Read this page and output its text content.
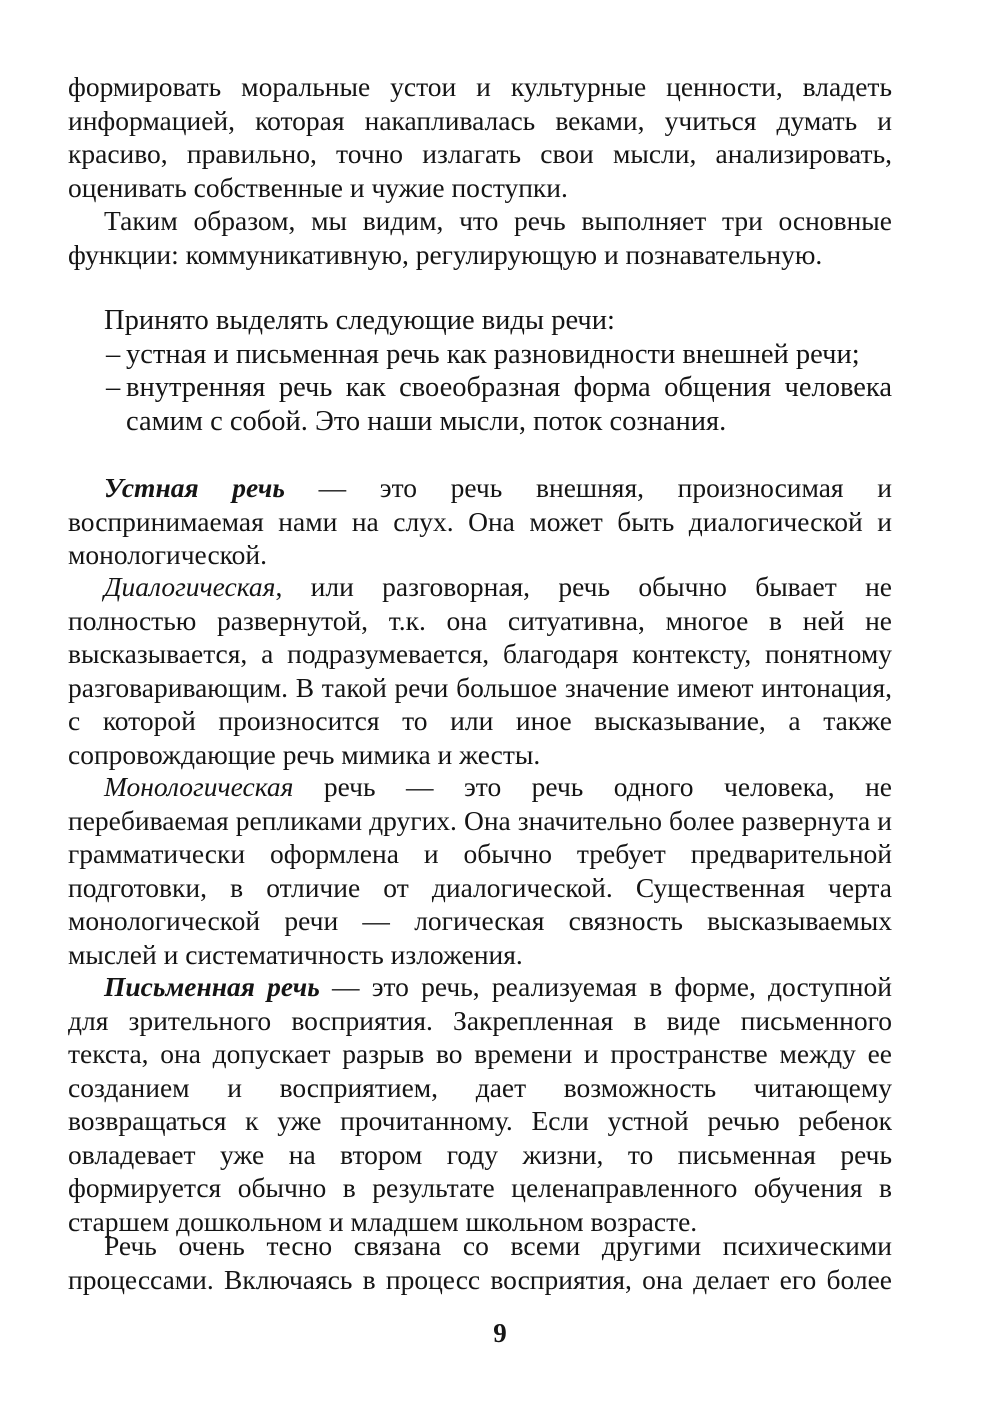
формировать моральные устои и культурные ценности, владеть информацией, которая накапливалась веками, учиться думать и красиво, правильно, точно излагать свои мысли, анализировать, оценивать собственные и чужие поступки.

Таким образом, мы видим, что речь выполняет три основные функции: коммуникативную, регулирующую и познавательную.

Принято выделять следующие виды речи:

– устная и письменная речь как разновидности внешней речи;
– внутренняя речь как своеобразная форма общения человека самим с собой. Это наши мысли, поток сознания.

Устная речь — это речь внешняя, произносимая и воспринимаемая нами на слух. Она может быть диалогической и монологической.

Диалогическая, или разговорная, речь обычно бывает не полностью развернутой, т.к. она ситуативна, многое в ней не высказывается, а подразумевается, благодаря контексту, понятному разговаривающим. В такой речи большое значение имеют интонация, с которой произносится то или иное высказывание, а также сопровождающие речь мимика и жесты.

Монологическая речь — это речь одного человека, не перебиваемая репликами других. Она значительно более развернута и грамматически оформлена и обычно требует предварительной подготовки, в отличие от диалогической. Существенная черта монологической речи — логическая связность высказываемых мыслей и систематичность изложения.

Письменная речь — это речь, реализуемая в форме, доступной для зрительного восприятия. Закрепленная в виде письменного текста, она допускает разрыв во времени и пространстве между ее созданием и восприятием, дает возможность читающему возвращаться к уже прочитанному. Если устной речью ребенок овладевает уже на втором году жизни, то письменная речь формируется обычно в результате целенаправленного обучения в старшем дошкольном и младшем школьном возрасте.

Речь очень тесно связана со всеми другими психическими процессами. Включаясь в процесс восприятия, она делает его более

9
